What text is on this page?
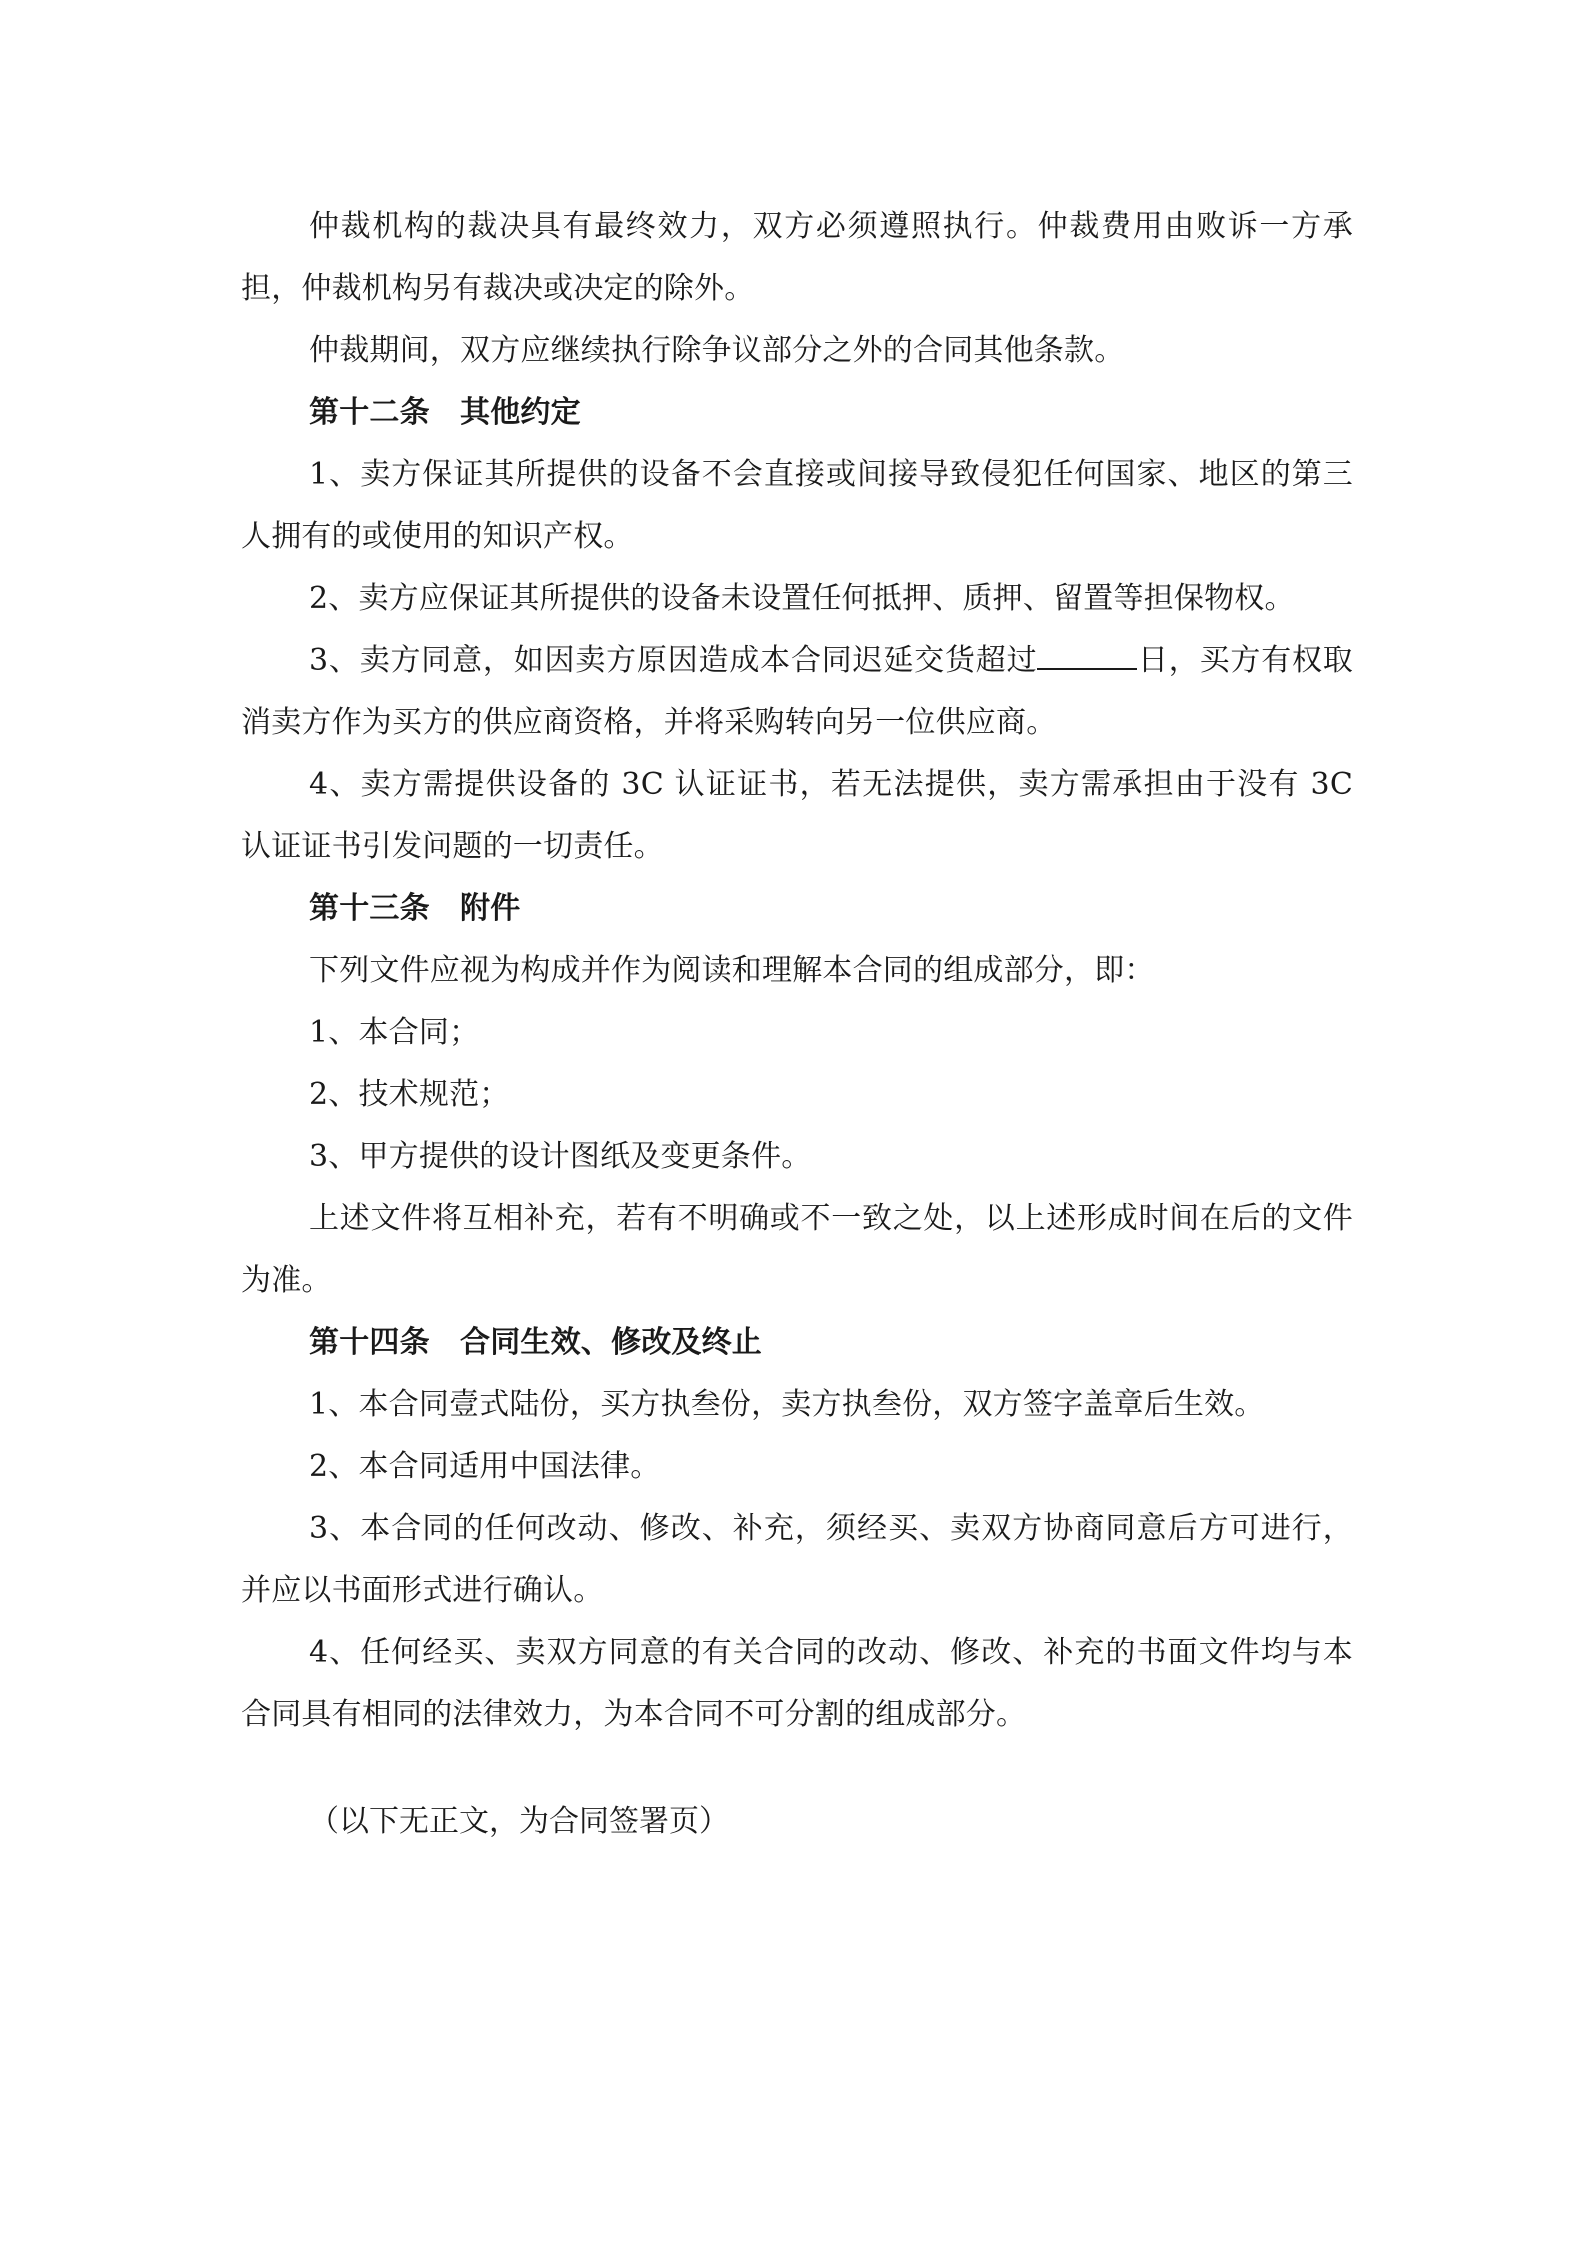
仲裁机构的裁决具有最终效力，双方必须遵照执行。仲裁费用由败诉一方承担，仲裁机构另有裁决或决定的除外。

仲裁期间，双方应继续执行除争议部分之外的合同其他条款。

第十二条　其他约定

1、卖方保证其所提供的设备不会直接或间接导致侵犯任何国家、地区的第三人拥有的或使用的知识产权。

2、卖方应保证其所提供的设备未设置任何抵押、质押、留置等担保物权。

3、卖方同意，如因卖方原因造成本合同迟延交货超过	日，买方有权取消卖方作为买方的供应商资格，并将采购转向另一位供应商。

4、卖方需提供设备的 3C 认证证书，若无法提供，卖方需承担由于没有 3C 认证证书引发问题的一切责任。

第十三条　附件

下列文件应视为构成并作为阅读和理解本合同的组成部分，即：

1、本合同；

2、技术规范；

3、甲方提供的设计图纸及变更条件。

上述文件将互相补充，若有不明确或不一致之处，以上述形成时间在后的文件为准。

第十四条　合同生效、修改及终止

1、本合同壹式陆份，买方执叁份，卖方执叁份，双方签字盖章后生效。

2、本合同适用中国法律。

3、本合同的任何改动、修改、补充，须经买、卖双方协商同意后方可进行，并应以书面形式进行确认。

4、任何经买、卖双方同意的有关合同的改动、修改、补充的书面文件均与本合同具有相同的法律效力，为本合同不可分割的组成部分。

（以下无正文，为合同签署页）
